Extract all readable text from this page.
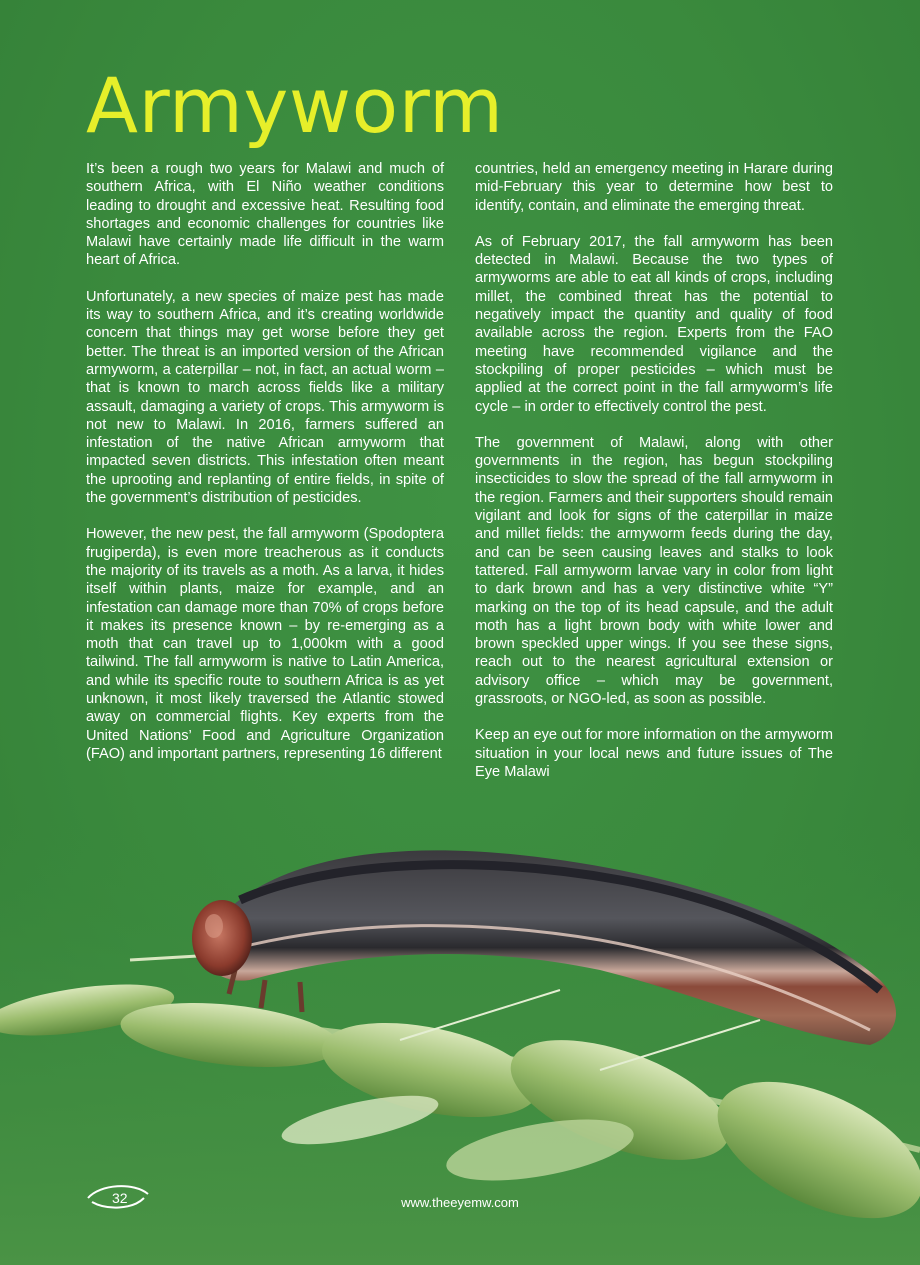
Armyworm

It’s been a rough two years for Malawi and much of southern Africa, with El Niño weather conditions leading to drought and excessive heat. Resulting food shortages and economic challenges for countries like Malawi have certainly made life difficult in the warm heart of Africa.

Unfortunately, a new species of maize pest has made its way to southern Africa, and it’s creating worldwide concern that things may get worse before they get better. The threat is an imported version of the African armyworm, a caterpillar – not, in fact, an actual worm – that is known to march across fields like a military assault, damaging a variety of crops. This armyworm is not new to Malawi. In 2016, farmers suffered an infestation of the native African armyworm that impacted seven districts. This infestation often meant the uprooting and replanting of entire fields, in spite of the government’s distribution of pesticides.

However, the new pest, the fall armyworm (Spodoptera frugiperda), is even more treacherous as it conducts the majority of its travels as a moth. As a larva, it hides itself within plants, maize for example, and an infestation can damage more than 70% of crops before it makes its presence known – by re-emerging as a moth that can travel up to 1,000km with a good tailwind. The fall armyworm is native to Latin America, and while its specific route to southern Africa is as yet unknown, it most likely traversed the Atlantic stowed away on commercial flights. Key experts from the United Nations’ Food and Agriculture Organization (FAO) and important partners, representing 16 different

countries, held an emergency meeting in Harare during mid-February this year to determine how best to identify, contain, and eliminate the emerging threat.

As of February 2017, the fall armyworm has been detected in Malawi. Because the two types of armyworms are able to eat all kinds of crops, including millet, the combined threat has the potential to negatively impact the quantity and quality of food available across the region. Experts from the FAO meeting have recommended vigilance and the stockpiling of proper pesticides – which must be applied at the correct point in the fall armyworm’s life cycle – in order to effectively control the pest.

The government of Malawi, along with other governments in the region, has begun stockpiling insecticides to slow the spread of the fall armyworm in the region. Farmers and their supporters should remain vigilant and look for signs of the caterpillar in maize and millet fields: the armyworm feeds during the day, and can be seen causing leaves and stalks to look tattered. Fall armyworm larvae vary in color from light to dark brown and has a very distinctive white “Y” marking on the top of its head capsule, and the adult moth has a light brown body with white lower and brown speckled upper wings. If you see these signs, reach out to the nearest agricultural extension or advisory office – which may be government, grassroots, or NGO-led, as soon as possible.

Keep an eye out for more information on the armyworm situation in your local news and future issues of The Eye Malawi

32	www.theeyemw.com
